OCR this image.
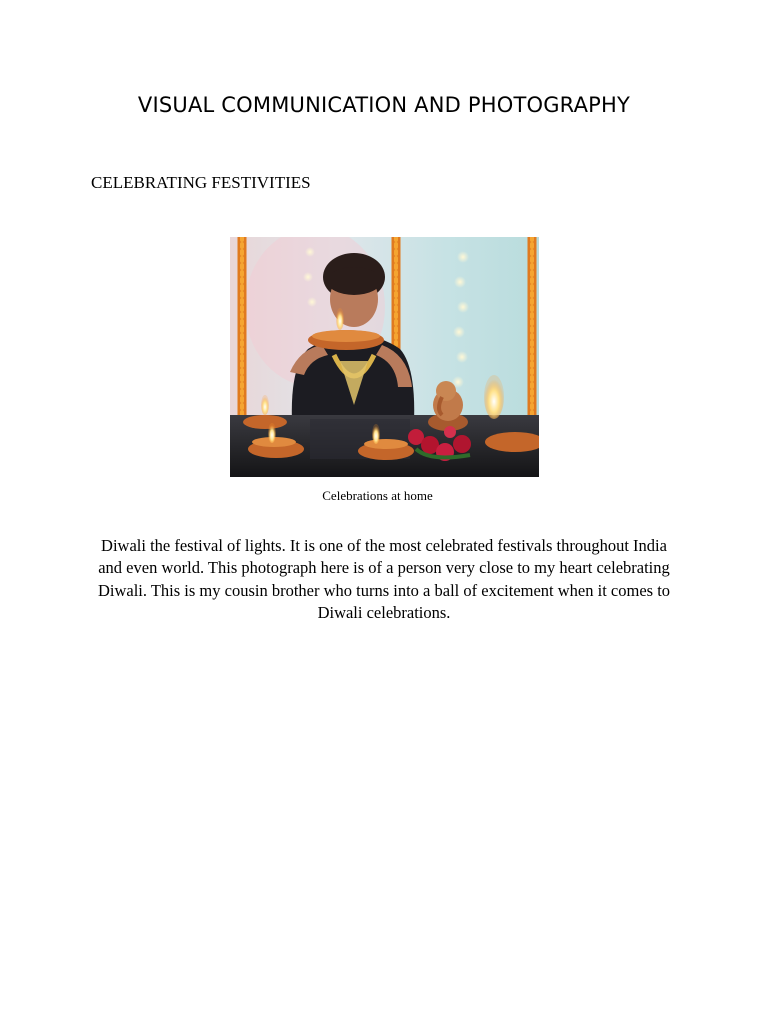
VISUAL COMMUNICATION AND PHOTOGRAPHY
CELEBRATING FESTIVITIES
Celebrations at home

Diwali the festival of lights. It is one of the most celebrated festivals throughout India and even world. This photograph here is of a person very close to my heart celebrating Diwali. This is my cousin brother who turns into a ball of excitement when it comes to Diwali celebrations.
